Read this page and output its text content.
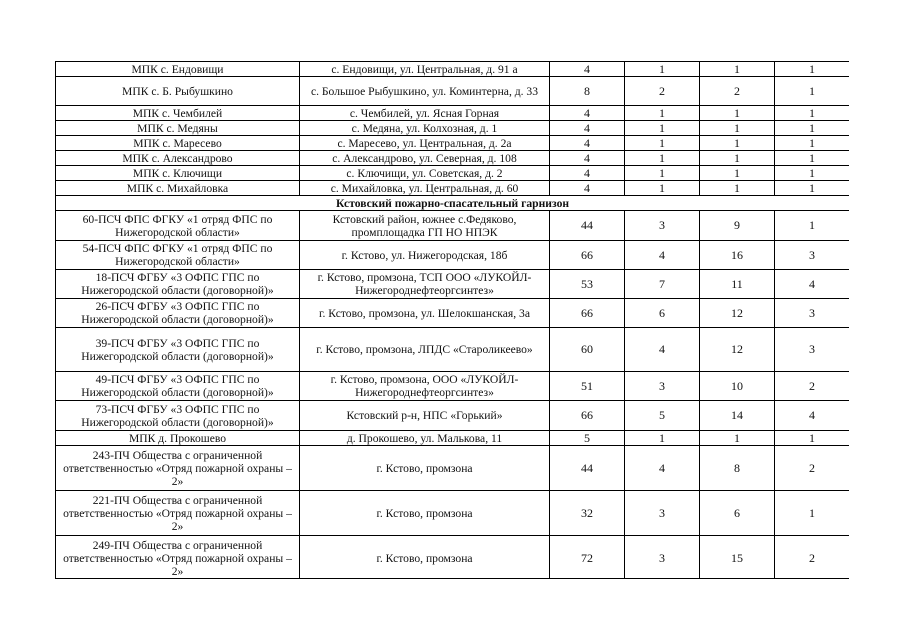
МПК с. Ендовищи	с. Ендовищи, ул. Центральная, д. 91 а	4	1	1	1
МПК с. Б. Рыбушкино	с. Большое Рыбушкино, ул. Коминтерна, д. 33	8	2	2	1
МПК с. Чембилей	с. Чембилей, ул. Ясная Горная	4	1	1	1
МПК с. Медяны	с. Медяна, ул. Колхозная, д. 1	4	1	1	1
МПК с. Маресево	с. Маресево, ул. Центральная, д. 2а	4	1	1	1
МПК с. Александрово	с. Александрово, ул. Северная, д. 108	4	1	1	1
МПК с. Ключищи	с. Ключищи, ул. Советская, д. 2	4	1	1	1
МПК с. Михайловка	с. Михайловка, ул. Центральная, д. 60	4	1	1	1
Кстовский пожарно-спасательный гарнизон					
60-ПСЧ ФПС ФГКУ «1 отряд ФПС по Нижегородской области»	Кстовский район, южнее с.Федяково, промплощадка ГП НО НПЭК	44	3	9	1
54-ПСЧ ФПС ФГКУ «1 отряд ФПС по Нижегородской области»	г. Кстово, ул. Нижегородская, 18б	66	4	16	3
18-ПСЧ ФГБУ «3 ОФПС ГПС по Нижегородской области (договорной)»	г. Кстово, промзона, ТСП ООО «ЛУКОЙЛ-Нижегороднефтеоргсинтез»	53	7	11	4
26-ПСЧ ФГБУ «3 ОФПС ГПС по Нижегородской области (договорной)»	г. Кстово, промзона, ул. Шелокшанская, 3а	66	6	12	3
39-ПСЧ ФГБУ «3 ОФПС ГПС по Нижегородской области (договорной)»	г. Кстово, промзона, ЛПДС «Староликеево»	60	4	12	3
49-ПСЧ ФГБУ «3 ОФПС ГПС по Нижегородской области (договорной)»	г. Кстово, промзона, ООО «ЛУКОЙЛ-Нижегороднефтеоргсинтез»	51	3	10	2
73-ПСЧ ФГБУ «3 ОФПС ГПС по Нижегородской области (договорной)»	Кстовский р-н, НПС «Горький»	66	5	14	4
МПК д. Прокошево	д. Прокошево, ул. Малькова, 11	5	1	1	1
243-ПЧ Общества с ограниченной ответственностью «Отряд пожарной охраны – 2»	г. Кстово, промзона	44	4	8	2
221-ПЧ Общества с ограниченной ответственностью «Отряд пожарной охраны – 2»	г. Кстово, промзона	32	3	6	1
249-ПЧ Общества с ограниченной ответственностью «Отряд пожарной охраны – 2»	г. Кстово, промзона	72	3	15	2
